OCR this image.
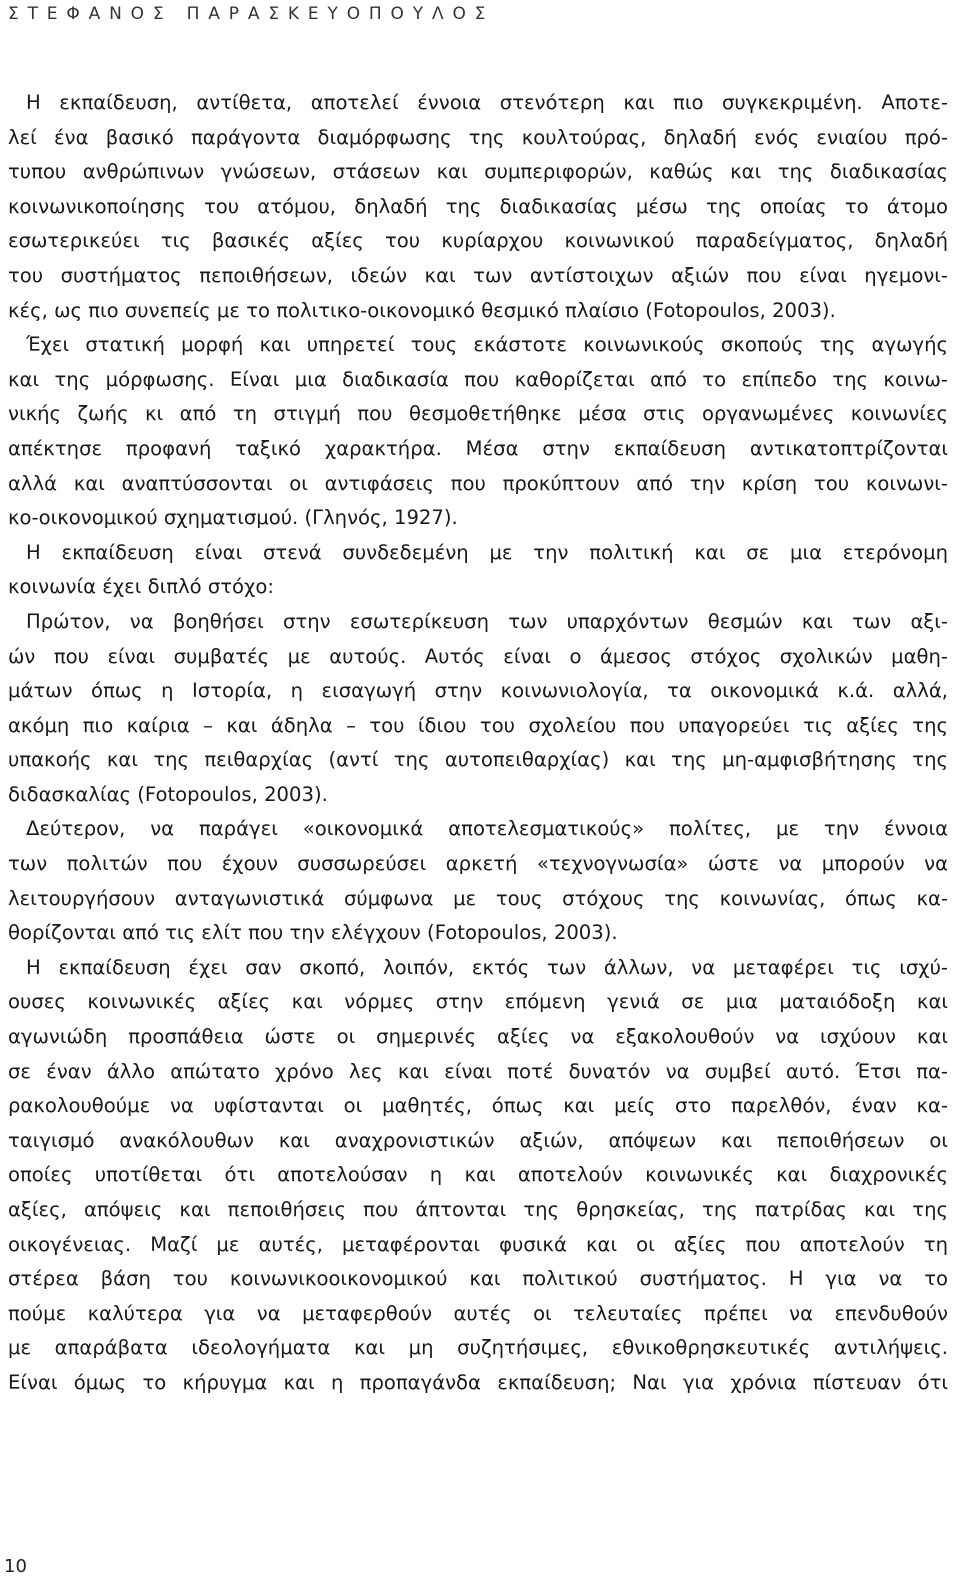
ΣΤΕΦΑΝΟΣ ΠΑΡΑΣΚΕΥΟΠΟΥΛΟΣ
Η εκπαίδευση, αντίθετα, αποτελεί έννοια στενότερη και πιο συγκεκριμένη. Αποτε-
λεί ένα βασικό παράγοντα διαμόρφωσης της κουλτούρας, δηλαδή ενός ενιαίου πρό-
τυπου ανθρώπινων γνώσεων, στάσεων και συμπεριφορών, καθώς και της διαδικασίας
κοινωνικοποίησης του ατόμου, δηλαδή της διαδικασίας μέσω της οποίας το άτομο
εσωτερικεύει τις βασικές αξίες του κυρίαρχου κοινωνικού παραδείγματος, δηλαδή
του συστήματος πεποιθήσεων, ιδεών και των αντίστοιχων αξιών που είναι ηγεμονι-
κές, ως πιο συνεπείς με το πολιτικο-οικονομικό θεσμικό πλαίσιο (Fotopoulos, 2003).
Έχει στατική μορφή και υπηρετεί τους εκάστοτε κοινωνικούς σκοπούς της αγωγής
και της μόρφωσης. Είναι μια διαδικασία που καθορίζεται από το επίπεδο της κοινω-
νικής ζωής κι από τη στιγμή που θεσμοθετήθηκε μέσα στις οργανωμένες κοινωνίες
απέκτησε προφανή ταξικό χαρακτήρα. Μέσα στην εκπαίδευση αντικατοπτρίζονται
αλλά και αναπτύσσονται οι αντιφάσεις που προκύπτουν από την κρίση του κοινωνι-
κο-οικονομικού σχηματισμού. (Γληνός, 1927).
Η εκπαίδευση είναι στενά συνδεδεμένη με την πολιτική και σε μια ετερόνομη
κοινωνία έχει διπλό στόχο:
Πρώτον, να βοηθήσει στην εσωτερίκευση των υπαρχόντων θεσμών και των αξι-
ών που είναι συμβατές με αυτούς. Αυτός είναι ο άμεσος στόχος σχολικών μαθη-
μάτων όπως η Ιστορία, η εισαγωγή στην κοινωνιολογία, τα οικονομικά κ.ά. αλλά,
ακόμη πιο καίρια – και άδηλα – του ίδιου του σχολείου που υπαγορεύει τις αξίες της
υπακοής και της πειθαρχίας (αντί της αυτοπειθαρχίας) και της μη-αμφισβήτησης της
διδασκαλίας (Fotopoulos, 2003).
Δεύτερον, να παράγει «οικονομικά αποτελεσματικούς» πολίτες, με την έννοια
των πολιτών που έχουν συσσωρεύσει αρκετή «τεχνογνωσία» ώστε να μπορούν να
λειτουργήσουν ανταγωνιστικά σύμφωνα με τους στόχους της κοινωνίας, όπως κα-
θορίζονται από τις ελίτ που την ελέγχουν (Fotopoulos, 2003).
Η εκπαίδευση έχει σαν σκοπό, λοιπόν, εκτός των άλλων, να μεταφέρει τις ισχύ-
ουσες κοινωνικές αξίες και νόρμες στην επόμενη γενιά σε μια ματαιόδοξη και
αγωνιώδη προσπάθεια ώστε οι σημερινές αξίες να εξακολουθούν να ισχύουν και
σε έναν άλλο απώτατο χρόνο λες και είναι ποτέ δυνατόν να συμβεί αυτό. Έτσι πα-
ρακολουθούμε να υφίστανται οι μαθητές, όπως και μείς στο παρελθόν, έναν κα-
ταιγισμό ανακόλουθων και αναχρονιστικών αξιών, απόψεων και πεποιθήσεων οι
οποίες υποτίθεται ότι αποτελούσαν η και αποτελούν κοινωνικές και διαχρονικές
αξίες, απόψεις και πεποιθήσεις που άπτονται της θρησκείας, της πατρίδας και της
οικογένειας. Μαζί με αυτές, μεταφέρονται φυσικά και οι αξίες που αποτελούν τη
στέρεα βάση του κοινωνικοοικονομικού και πολιτικού συστήματος. Η για να το
πούμε καλύτερα για να μεταφερθούν αυτές οι τελευταίες πρέπει να επενδυθούν
με απαράβατα ιδεολογήματα και μη συζητήσιμες, εθνικοθρησκευτικές αντιλήψεις.
Είναι όμως το κήρυγμα και η προπαγάνδα εκπαίδευση; Ναι για χρόνια πίστευαν ότι
10
